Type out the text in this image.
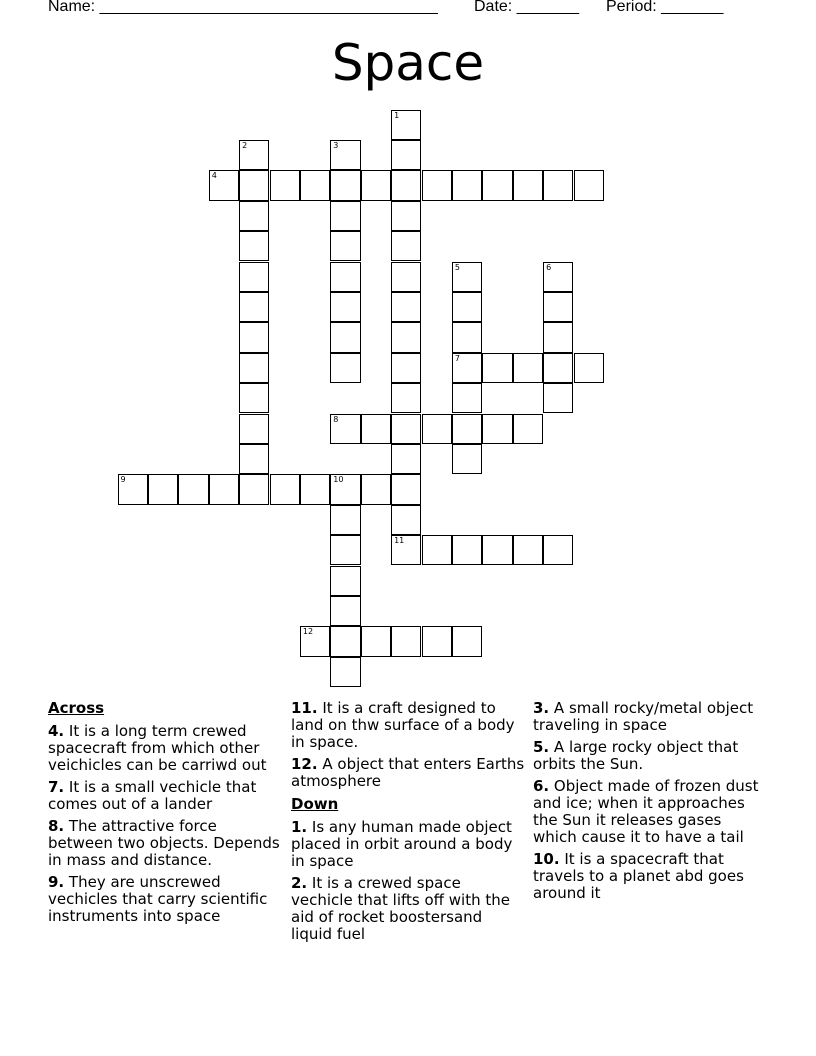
Name: ______________________________________ Date: _______ Period: _______
Space
1
2	3
4
5
7
6
8
9	10
11
12
Across
4. It is a long term crewed spacecraft from which other veichicles can be carriwd out
7. It is a small vechicle that comes out of a lander
8. The attractive force between two objects. Depends in mass and distance.
9. They are unscrewed vechicles that carry scientific instruments into space
11. It is a craft designed to land on thw surface of a body in space.
12. A object that enters Earths atmosphere
Down
1. Is any human made object placed in orbit around a body in space
2. It is a crewed space vechicle that lifts off with the aid of rocket boostersand liquid fuel
3. A small rocky/metal object traveling in space
5. A large rocky object that orbits the Sun.
6. Object made of frozen dust and ice; when it approaches the Sun it releases gases which cause it to have a tail
10. It is a spacecraft that travels to a planet abd goes around it
